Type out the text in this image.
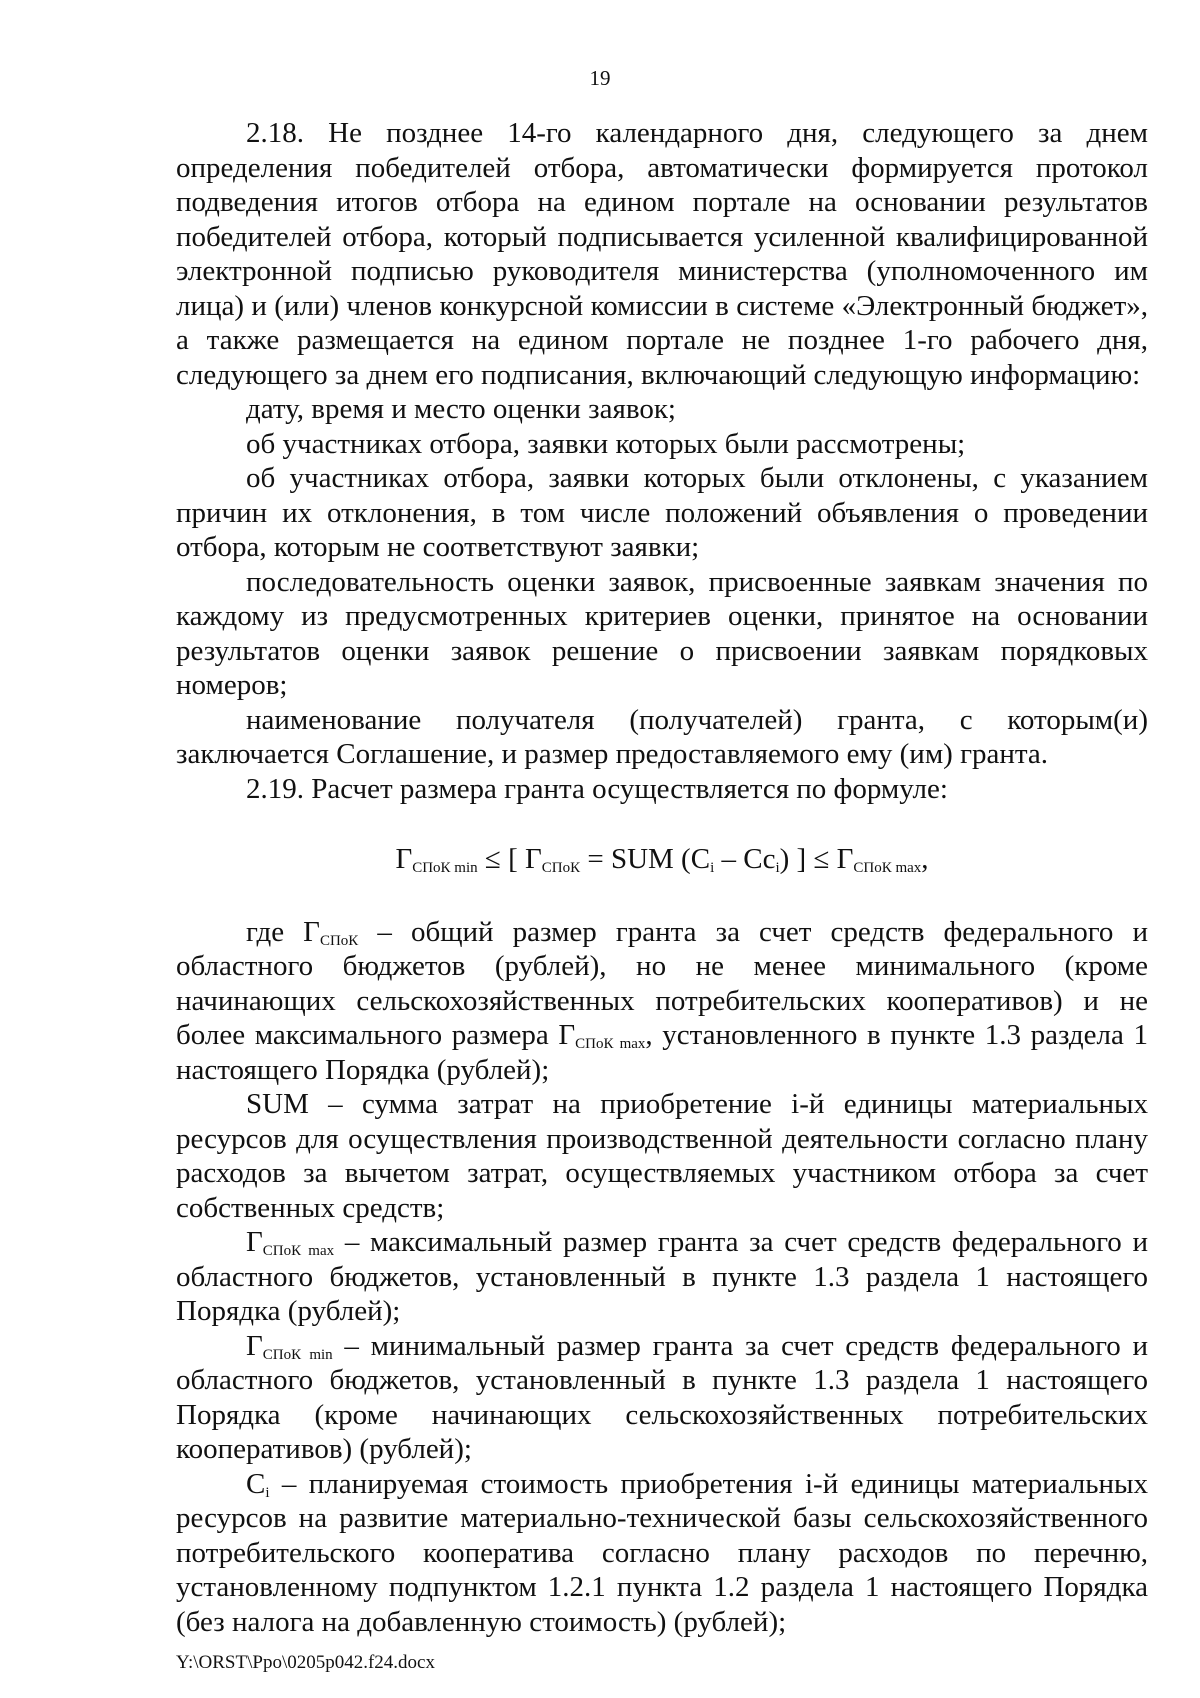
19

2.18. Не позднее 14-го календарного дня, следующего за днем определения победителей отбора, автоматически формируется протокол подведения итогов отбора на едином портале на основании результатов победителей отбора, который подписывается усиленной квалифицированной электронной подписью руководителя министерства (уполномоченного им лица) и (или) членов конкурсной комиссии в системе «Электронный бюджет», а также размещается на едином портале не позднее 1-го рабочего дня, следующего за днем его подписания, включающий следующую информацию:

дату, время и место оценки заявок;

об участниках отбора, заявки которых были рассмотрены;

об участниках отбора, заявки которых были отклонены, с указанием причин их отклонения, в том числе положений объявления о проведении отбора, которым не соответствуют заявки;

последовательность оценки заявок, присвоенные заявкам значения по каждому из предусмотренных критериев оценки, принятое на основании результатов оценки заявок решение о присвоении заявкам порядковых номеров;

наименование получателя (получателей) гранта, с которым(и) заключается Соглашение, и размер предоставляемого ему (им) гранта.

2.19. Расчет размера гранта осуществляется по формуле:

$Г_{СПоК min}$ ≤ [ $Г_{СПоК}$ = SUM $(C_i - Cc_i)$ ] ≤ $Г_{СПоК max}$,

где $Г_{СПоК}$ – общий размер гранта за счет средств федерального и областного бюджетов (рублей), но не менее минимального (кроме начинающих сельскохозяйственных потребительских кооперативов) и не более максимального размера $Г_{СПоК max}$, установленного в пункте 1.3 раздела 1 настоящего Порядка (рублей);

SUM – сумма затрат на приобретение i-й единицы материальных ресурсов для осуществления производственной деятельности согласно плану расходов за вычетом затрат, осуществляемых участником отбора за счет собственных средств;

$Г_{СПоК max}$ – максимальный размер гранта за счет средств федерального и областного бюджетов, установленный в пункте 1.3 раздела 1 настоящего Порядка (рублей);

$Г_{СПоК min}$ – минимальный размер гранта за счет средств федерального и областного бюджетов, установленный в пункте 1.3 раздела 1 настоящего Порядка (кроме начинающих сельскохозяйственных потребительских кооперативов) (рублей);

$C_i$ – планируемая стоимость приобретения i-й единицы материальных ресурсов на развитие материально-технической базы сельскохозяйственного потребительского кооператива согласно плану расходов по перечню, установленному подпунктом 1.2.1 пункта 1.2 раздела 1 настоящего Порядка (без налога на добавленную стоимость) (рублей);

Y:\ORST\Ppo\0205p042.f24.docx
